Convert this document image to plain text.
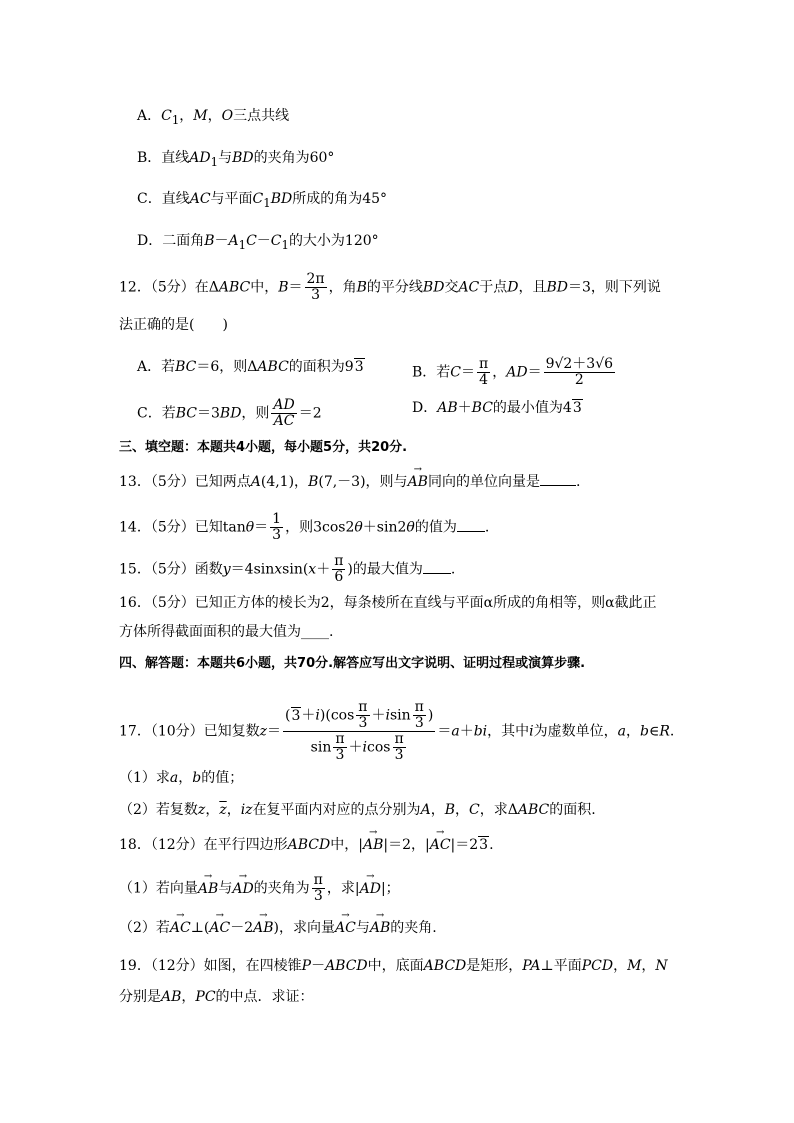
A．$C_1$，M，O三点共线
B．直线$AD_1$与BD的夹角为60°
C．直线AC与平面$C_1BD$所成的角为45°
D．二面角$B-A_1C-C_1$的大小为120°
12．（5分）在ΔABC中，$B= \frac{2\pi}{3}$ ，角B的平分线BD交AC于点D，且BD＝3，则下列说
法正确的是(　　)
A．若BC＝6，则ΔABC的面积为93	B．若$C= \frac{\pi}{4}$ ，$AD= \frac{9√2+3√6}{2}$
C．若BC＝3BD，则 $\frac{AD}{AC} =2$	D．AB＋BC的最小值为43
三、填空题：本题共4小题，每小题5分，共20分.
13．（5分）已知两点A(4,1)，B(7,－3)，则与→ AB同向的单位向量是	.
14．（5分）已知$\tan\theta= \frac{1}{3}$ ，则3cos2θ＋sin2θ的值为 .
15．（5分）函数y＝4sinxsin(x＋ $\frac{\pi}{6}$ )的最大值为 .
16．（5分）已知正方体的棱长为2，每条棱所在直线与平面α所成的角相等，则α截此正
方体所得截面面积的最大值为____.
四、解答题：本题共6小题，共70分.解答应写出文字说明、证明过程或演算步骤.
17．（10分）已知复数$z= \frac{(3+i)(\cos \frac{\pi}{3} +isin \frac{\pi}{3} )}{\sin \frac{\pi}{3} +icos \frac{\pi}{3}} =a+bi$，其中i为虚数单位，a，b∈R.
（1）求a，b的值；
（2）若复数z，$\overline{z}$，iz在复平面内对应的点分别为A，B，C，求ΔABC的面积.
18．（12分）在平行四边形ABCD中，|→ AB|＝2，|→ AC|＝23.
（1）若向量→ AB与→ AD的夹角为 $\frac{\pi}{3}$ ，求|→ AD|；
（2）若→ AC⊥(→ AC－2→ AB)，求向量→ AC与→ AB的夹角.
19．（12分）如图，在四棱锥P－ABCD中，底面ABCD是矩形，PA⊥平面PCD，M，N
分别是AB，PC的中点．求证：
